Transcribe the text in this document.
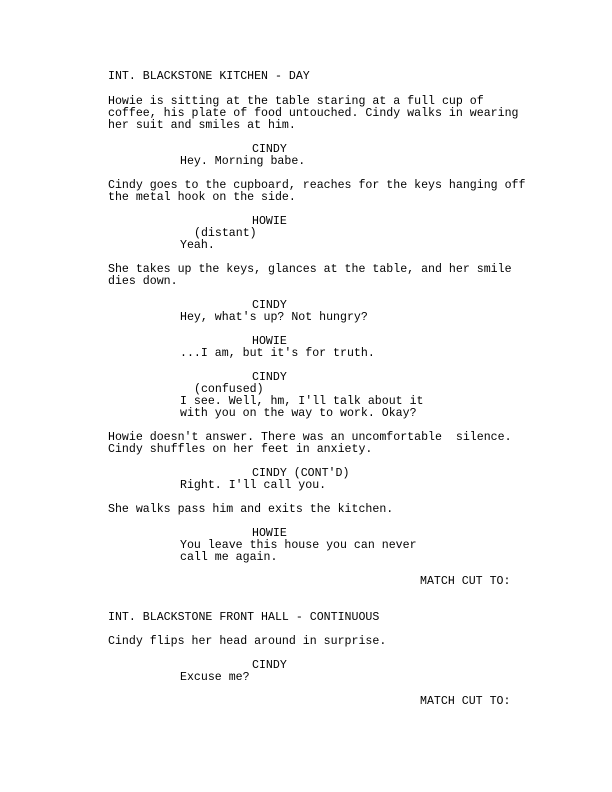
INT. BLACKSTONE KITCHEN - DAY
Howie is sitting at the table staring at a full cup of
coffee, his plate of food untouched. Cindy walks in wearing
her suit and smiles at him.
CINDY
Hey. Morning babe.
Cindy goes to the cupboard, reaches for the keys hanging off
the metal hook on the side.
HOWIE
(distant)
Yeah.
She takes up the keys, glances at the table, and her smile
dies down.
CINDY
Hey, what's up? Not hungry?
HOWIE
...I am, but it's for truth.
CINDY
(confused)
I see. Well, hm, I'll talk about it
with you on the way to work. Okay?
Howie doesn't answer. There was an uncomfortable  silence.
Cindy shuffles on her feet in anxiety.
CINDY (CONT'D)
Right. I'll call you.
She walks pass him and exits the kitchen.
HOWIE
You leave this house you can never
call me again.
MATCH CUT TO:
INT. BLACKSTONE FRONT HALL - CONTINUOUS
Cindy flips her head around in surprise.
CINDY
Excuse me?
MATCH CUT TO:
